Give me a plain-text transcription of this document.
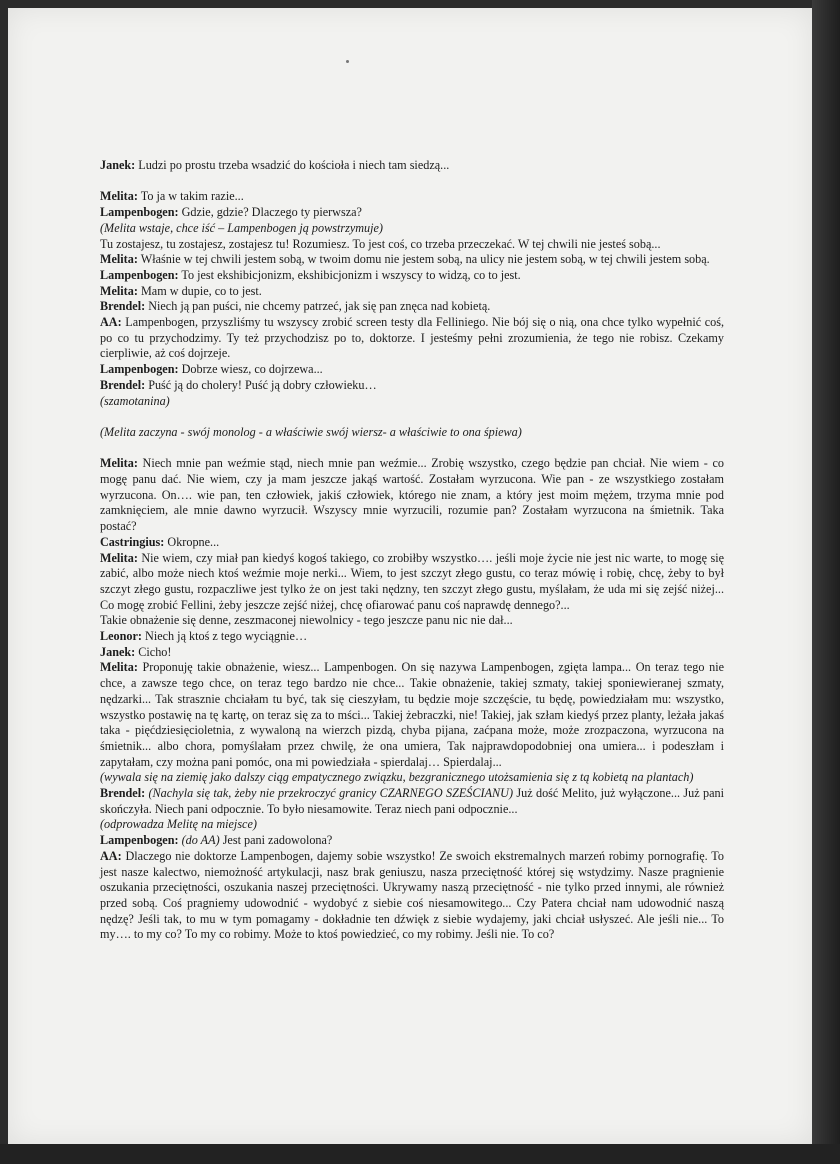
Janek: Ludzi po prostu trzeba wsadzić do kościoła i niech tam siedzą...

Melita: To ja w takim razie...

Lampenbogen: Gdzie, gdzie? Dlaczego ty pierwsza?

(Melita wstaje, chce iść – Lampenbogen ją powstrzymuje)

Tu zostajesz, tu zostajesz, zostajesz tu! Rozumiesz. To jest coś, co trzeba przeczekać. W tej chwili nie jesteś sobą...

Melita: Właśnie w tej chwili jestem sobą, w twoim domu nie jestem sobą, na ulicy nie jestem sobą, w tej chwili jestem sobą.

Lampenbogen: To jest ekshibicjonizm, ekshibicjonizm i wszyscy to widzą, co to jest.

Melita: Mam w dupie, co to jest.

Brendel: Niech ją pan puści, nie chcemy patrzeć, jak się pan znęca nad kobietą.

AA: Lampenbogen, przyszliśmy tu wszyscy zrobić screen testy dla Felliniego. Nie bój się o nią, ona chce tylko wypełnić coś, po co tu przychodzimy. Ty też przychodzisz po to, doktorze. I jesteśmy pełni zrozumienia, że tego nie robisz. Czekamy cierpliwie, aż coś dojrzeje.

Lampenbogen: Dobrze wiesz, co dojrzewa...

Brendel: Puść ją do cholery! Puść ją dobry człowieku…

(szamotanina)

(Melita zaczyna - swój monolog - a właściwie swój wiersz- a właściwie to ona śpiewa)

Melita: Niech mnie pan weźmie stąd, niech mnie pan weźmie... Zrobię wszystko, czego będzie pan chciał. Nie wiem - co mogę panu dać. Nie wiem, czy ja mam jeszcze jakąś wartość. Zostałam wyrzucona. Wie pan - ze wszystkiego zostałam wyrzucona. On…. wie pan, ten człowiek, jakiś człowiek, którego nie znam, a który jest moim mężem, trzyma mnie pod zamknięciem, ale mnie dawno wyrzucił. Wszyscy mnie wyrzucili, rozumie pan? Zostałam wyrzucona na śmietnik. Taka postać?

Castringius: Okropne...

Melita: Nie wiem, czy miał pan kiedyś kogoś takiego, co zrobiłby wszystko…. jeśli moje życie nie jest nic warte, to mogę się zabić, albo może niech ktoś weźmie moje nerki... Wiem, to jest szczyt złego gustu, co teraz mówię i robię, chcę, żeby to był szczyt złego gustu, rozpaczliwe jest tylko że on jest taki nędzny, ten szczyt złego gustu, myślałam, że uda mi się zejść niżej... Co mogę zrobić Fellini, żeby jeszcze zejść niżej, chcę ofiarować panu coś naprawdę dennego?...

Takie obnażenie się denne, zeszmaconej niewolnicy - tego jeszcze panu nic nie dał...

Leonor: Niech ją ktoś z tego wyciągnie…

Janek: Cicho!

Melita: Proponuję takie obnażenie, wiesz... Lampenbogen. On się nazywa Lampenbogen, zgięta lampa... On teraz tego nie chce, a zawsze tego chce, on teraz tego bardzo nie chce... Takie obnażenie, takiej szmaty, takiej sponiewieranej szmaty, nędzarki... Tak strasznie chciałam tu być, tak się cieszyłam, tu będzie moje szczęście, tu będę, powiedziałam mu: wszystko, wszystko postawię na tę kartę, on teraz się za to mści... Takiej żebraczki, nie! Takiej, jak szłam kiedyś przez planty, leżała jakaś taka - pięćdziesięcioletnia, z wywaloną na wierzch pizdą, chyba pijana, zaćpana może, może zrozpaczona, wyrzucona na śmietnik... albo chora, pomyślałam przez chwilę, że ona umiera, Tak najprawdopodobniej ona umiera... i podeszłam i zapytałam, czy można pani pomóc, ona mi powiedziała - spierdalaj… Spierdalaj...

(wywala się na ziemię jako dalszy ciąg empatycznego związku, bezgranicznego utożsamienia się z tą kobietą na plantach)

Brendel: (Nachyla się tak, żeby nie przekroczyć granicy CZARNEGO SZEŚCIANU) Już dość Melito, już wyłączone... Już pani skończyła. Niech pani odpocznie. To było niesamowite. Teraz niech pani odpocznie...

(odprowadza Melitę na miejsce)

Lampenbogen: (do AA) Jest pani zadowolona?

AA: Dlaczego nie doktorze Lampenbogen, dajemy sobie wszystko! Ze swoich ekstremalnych marzeń robimy pornografię. To jest nasze kalectwo, niemożność artykulacji, nasz brak geniuszu, nasza przeciętność której się wstydzimy. Nasze pragnienie oszukania przeciętności, oszukania naszej przeciętności. Ukrywamy naszą przeciętność - nie tylko przed innymi, ale również przed sobą. Coś pragniemy udowodnić - wydobyć z siebie coś niesamowitego... Czy Patera chciał nam udowodnić naszą nędzę? Jeśli tak, to mu w tym pomagamy - dokładnie ten dźwięk z siebie wydajemy, jaki chciał usłyszeć. Ale jeśli nie... To my…. to my co? To my co robimy. Może to ktoś powiedzieć, co my robimy. Jeśli nie. To co?
